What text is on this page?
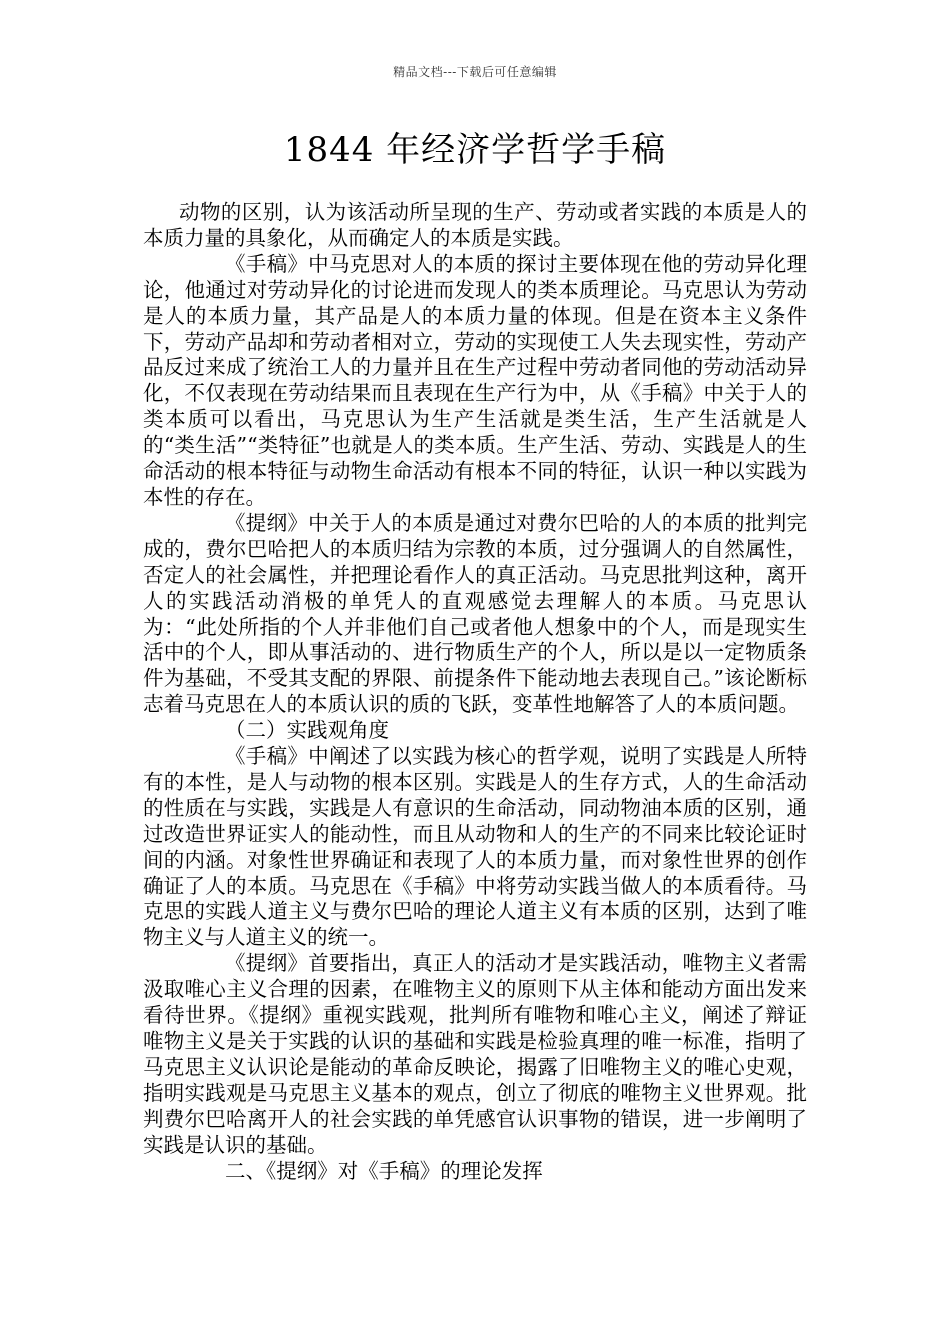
精品文档---下载后可任意编辑
1844 年经济学哲学手稿

动物的区别，认为该活动所呈现的生产、劳动或者实践的本质是人的本质力量的具象化，从而确定人的本质是实践。

《手稿》中马克思对人的本质的探讨主要体现在他的劳动异化理论，他通过对劳动异化的讨论进而发现人的类本质理论。马克思认为劳动是人的本质力量，其产品是人的本质力量的体现。但是在资本主义条件下，劳动产品却和劳动者相对立，劳动的实现使工人失去现实性，劳动产品反过来成了统治工人的力量并且在生产过程中劳动者同他的劳动活动异化，不仅表现在劳动结果而且表现在生产行为中，从《手稿》中关于人的类本质可以看出，马克思认为生产生活就是类生活，生产生活就是人的“类生活”“类特征”也就是人的类本质。生产生活、劳动、实践是人的生命活动的根本特征与动物生命活动有根本不同的特征，认识一种以实践为本性的存在。

《提纲》中关于人的本质是通过对费尔巴哈的人的本质的批判完成的，费尔巴哈把人的本质归结为宗教的本质，过分强调人的自然属性，否定人的社会属性，并把理论看作人的真正活动。马克思批判这种，离开人的实践活动消极的单凭人的直观感觉去理解人的本质。马克思认为：“此处所指的个人并非他们自己或者他人想象中的个人，而是现实生活中的个人，即从事活动的、进行物质生产的个人，所以是以一定物质条件为基础，不受其支配的界限、前提条件下能动地去表现自己。”该论断标志着马克思在人的本质认识的质的飞跃，变革性地解答了人的本质问题。

（二）实践观角度

《手稿》中阐述了以实践为核心的哲学观，说明了实践是人所特有的本性，是人与动物的根本区别。实践是人的生存方式，人的生命活动的性质在与实践，实践是人有意识的生命活动，同动物油本质的区别，通过改造世界证实人的能动性，而且从动物和人的生产的不同来比较论证时间的内涵。对象性世界确证和表现了人的本质力量，而对象性世界的创作确证了人的本质。马克思在《手稿》中将劳动实践当做人的本质看待。马克思的实践人道主义与费尔巴哈的理论人道主义有本质的区别，达到了唯物主义与人道主义的统一。

《提纲》首要指出，真正人的活动才是实践活动，唯物主义者需汲取唯心主义合理的因素，在唯物主义的原则下从主体和能动方面出发来看待世界。《提纲》重视实践观，批判所有唯物和唯心主义，阐述了辩证唯物主义是关于实践的认识的基础和实践是检验真理的唯一标准，指明了马克思主义认识论是能动的革命反映论，揭露了旧唯物主义的唯心史观，指明实践观是马克思主义基本的观点，创立了彻底的唯物主义世界观。批判费尔巴哈离开人的社会实践的单凭感官认识事物的错误，进一步阐明了实践是认识的基础。

二、《提纲》对《手稿》的理论发挥
